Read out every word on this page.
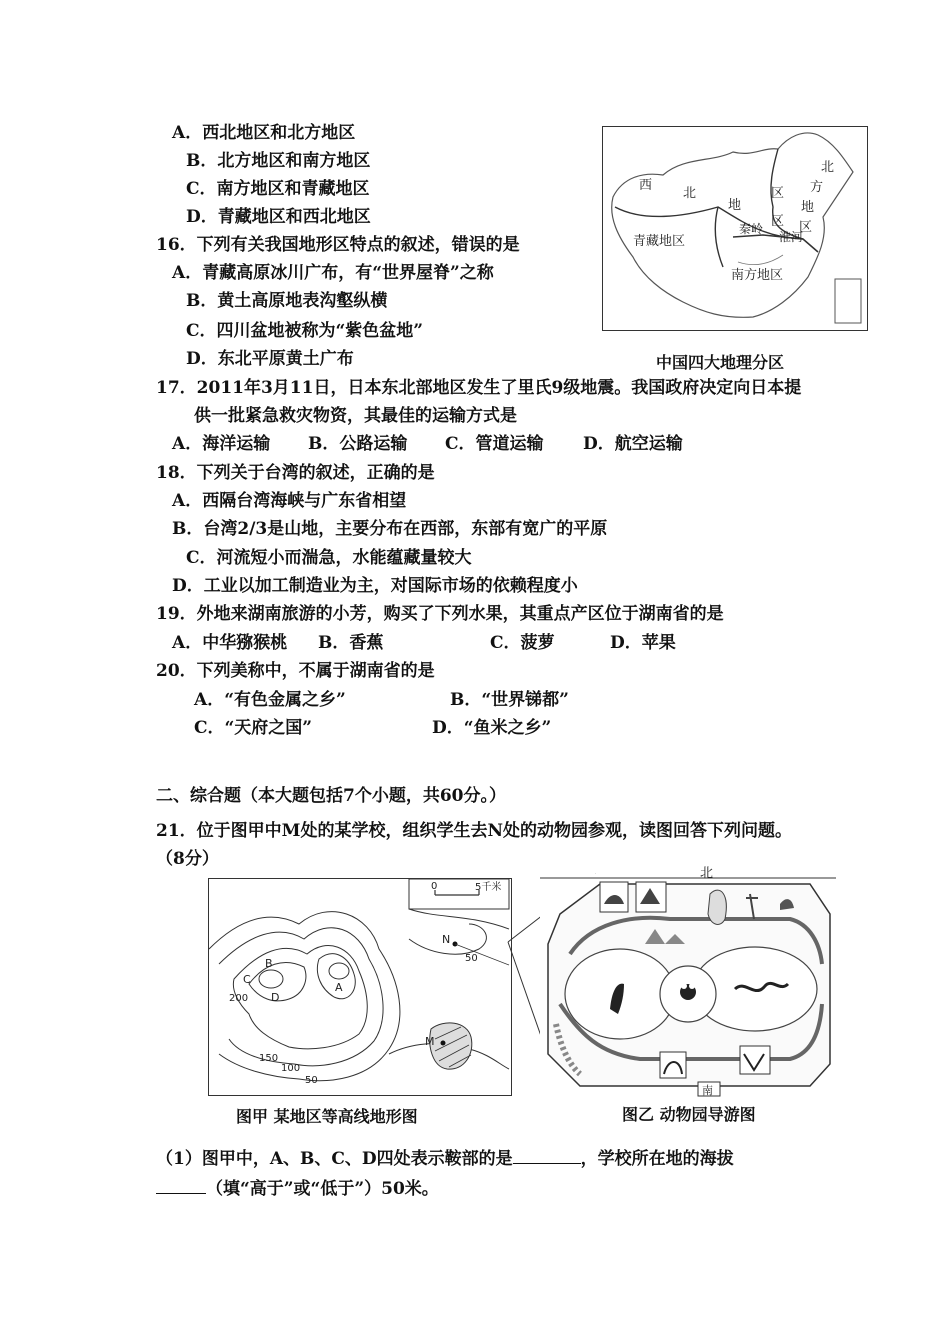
A．西北地区和北方地区
B．北方地区和南方地区
C．南方地区和青藏地区
D．青藏地区和西北地区
16．下列有关我国地形区特点的叙述，错误的是
A．青藏高原冰川广布，有“世界屋脊”之称
B．黄土高原地表沟壑纵横
C．四川盆地被称为“紫色盆地”
D．东北平原黄土广布
西
北
地
区
北
方
地
区
区
青藏地区
秦岭
淮河
南方地区
中国四大地理分区
17．2011年3月11日，日本东北部地区发生了里氏9级地震。我国政府决定向日本提
供一批紧急救灾物资，其最佳的运输方式是
A．海洋运输 B．公路运输 C．管道运输 D．航空运输
18．下列关于台湾的叙述，正确的是
A．西隔台湾海峡与广东省相望
B．台湾2/3是山地，主要分布在西部，东部有宽广的平原
C．河流短小而湍急，水能蕴藏量较大
D．工业以加工制造业为主，对国际市场的依赖程度小
19．外地来湖南旅游的小芳，购买了下列水果，其重点产区位于湖南省的是
A．中华猕猴桃 B．香蕉	C．菠萝	D．苹果
20．下列美称中，不属于湖南省的是
A．“有色金属之乡”	B．“世界锑都”
C．“天府之国”	D．“鱼米之乡”
二、综合题（本大题包括7个小题，共60分。）
21．位于图甲中M处的某学校，组织学生去N处的动物园参观，读图回答下列问题。
（8分）
0	5千米
A
B
C
D
M
N
200
150
100
50
50
图甲 某地区等高线地形图
北
南
图乙 动物园导游图
（1）图甲中，A、B、C、D四处表示鞍部的是	，学校所在地的海拔
（填“高于”或“低于”）50米。
